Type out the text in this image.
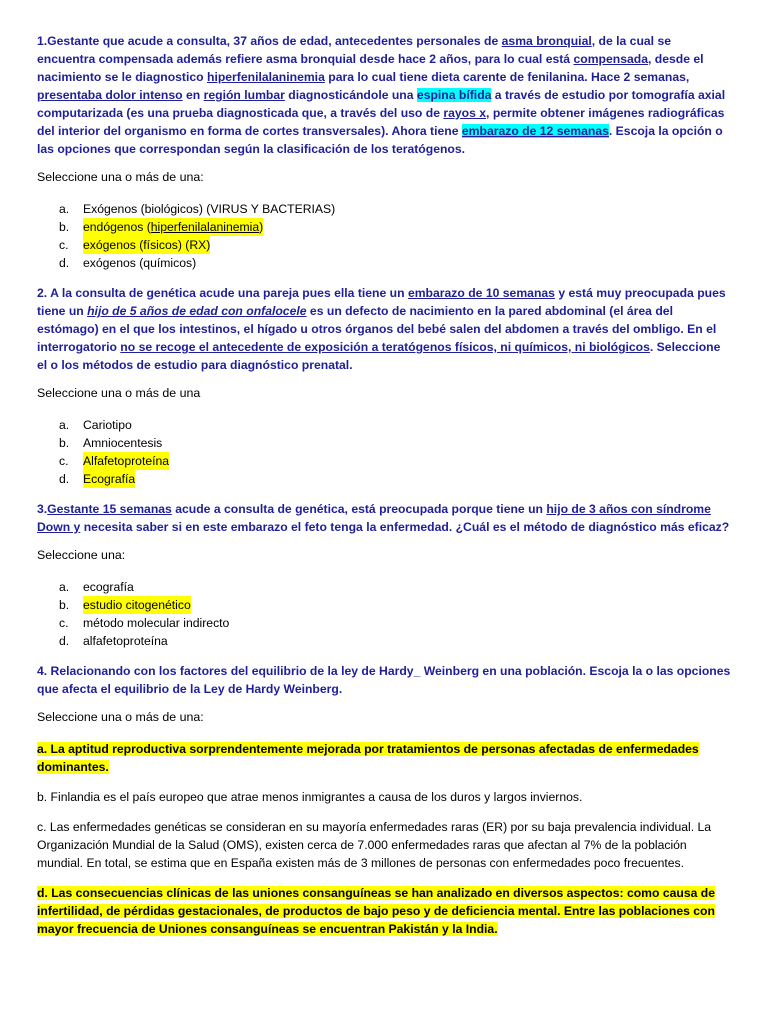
1.Gestante que acude a consulta, 37 años de edad, antecedentes personales de asma bronquial, de la cual se encuentra compensada además refiere asma bronquial desde hace 2 años, para lo cual está compensada, desde el nacimiento se le diagnostico hiperfenilalaninemia para lo cual tiene dieta carente de fenilanina. Hace 2 semanas, presentaba dolor intenso en región lumbar diagnosticándole una espina bífida a través de estudio por tomografía axial computarizada (es una prueba diagnosticada que, a través del uso de rayos x, permite obtener imágenes radiográficas del interior del organismo en forma de cortes transversales). Ahora tiene embarazo de 12 semanas. Escoja la opción o las opciones que correspondan según la clasificación de los teratógenos.

Seleccione una o más de una:

a.	Exógenos (biológicos) (VIRUS Y BACTERIAS)
b.	endógenos (hiperfenilalaninemia)
c.	exógenos (físicos) (RX)
d.	exógenos (químicos)

2. A la consulta de genética acude una pareja pues ella tiene un embarazo de 10 semanas y está muy preocupada pues tiene un hijo de 5 años de edad con onfalocele es un defecto de nacimiento en la pared abdominal (el área del estómago) en el que los intestinos, el hígado u otros órganos del bebé salen del abdomen a través del ombligo. En el interrogatorio no se recoge el antecedente de exposición a teratógenos físicos, ni químicos, ni biológicos. Seleccione el o los métodos de estudio para diagnóstico prenatal.

Seleccione una o más de una

a.	Cariotipo
b.	Amniocentesis
c.	Alfafetoproteína
d.	Ecografía

3.Gestante 15 semanas acude a consulta de genética, está preocupada porque tiene un hijo de 3 años con síndrome Down y necesita saber si en este embarazo el feto tenga la enfermedad. ¿Cuál es el método de diagnóstico más eficaz?

Seleccione una:

a.	ecografía
b.	estudio citogenético
c.	método molecular indirecto
d.	alfafetoproteína

4. Relacionando con los factores del equilibrio de la ley de Hardy_ Weinberg en una población. Escoja la o las opciones que afecta el equilibrio de la Ley de Hardy Weinberg.

Seleccione una o más de una:

a. La aptitud reproductiva sorprendentemente mejorada por tratamientos de personas afectadas de enfermedades dominantes.

b. Finlandia es el país europeo que atrae menos inmigrantes a causa de los duros y largos inviernos.

c. Las enfermedades genéticas se consideran en su mayoría enfermedades raras (ER) por su baja prevalencia individual. La Organización Mundial de la Salud (OMS), existen cerca de 7.000 enfermedades raras que afectan al 7% de la población mundial. En total, se estima que en España existen más de 3 millones de personas con enfermedades poco frecuentes.

d. Las consecuencias clínicas de las uniones consanguíneas se han analizado en diversos aspectos: como causa de infertilidad, de pérdidas gestacionales, de productos de bajo peso y de deficiencia mental. Entre las poblaciones con mayor frecuencia de Uniones consanguíneas se encuentran Pakistán y la India.
